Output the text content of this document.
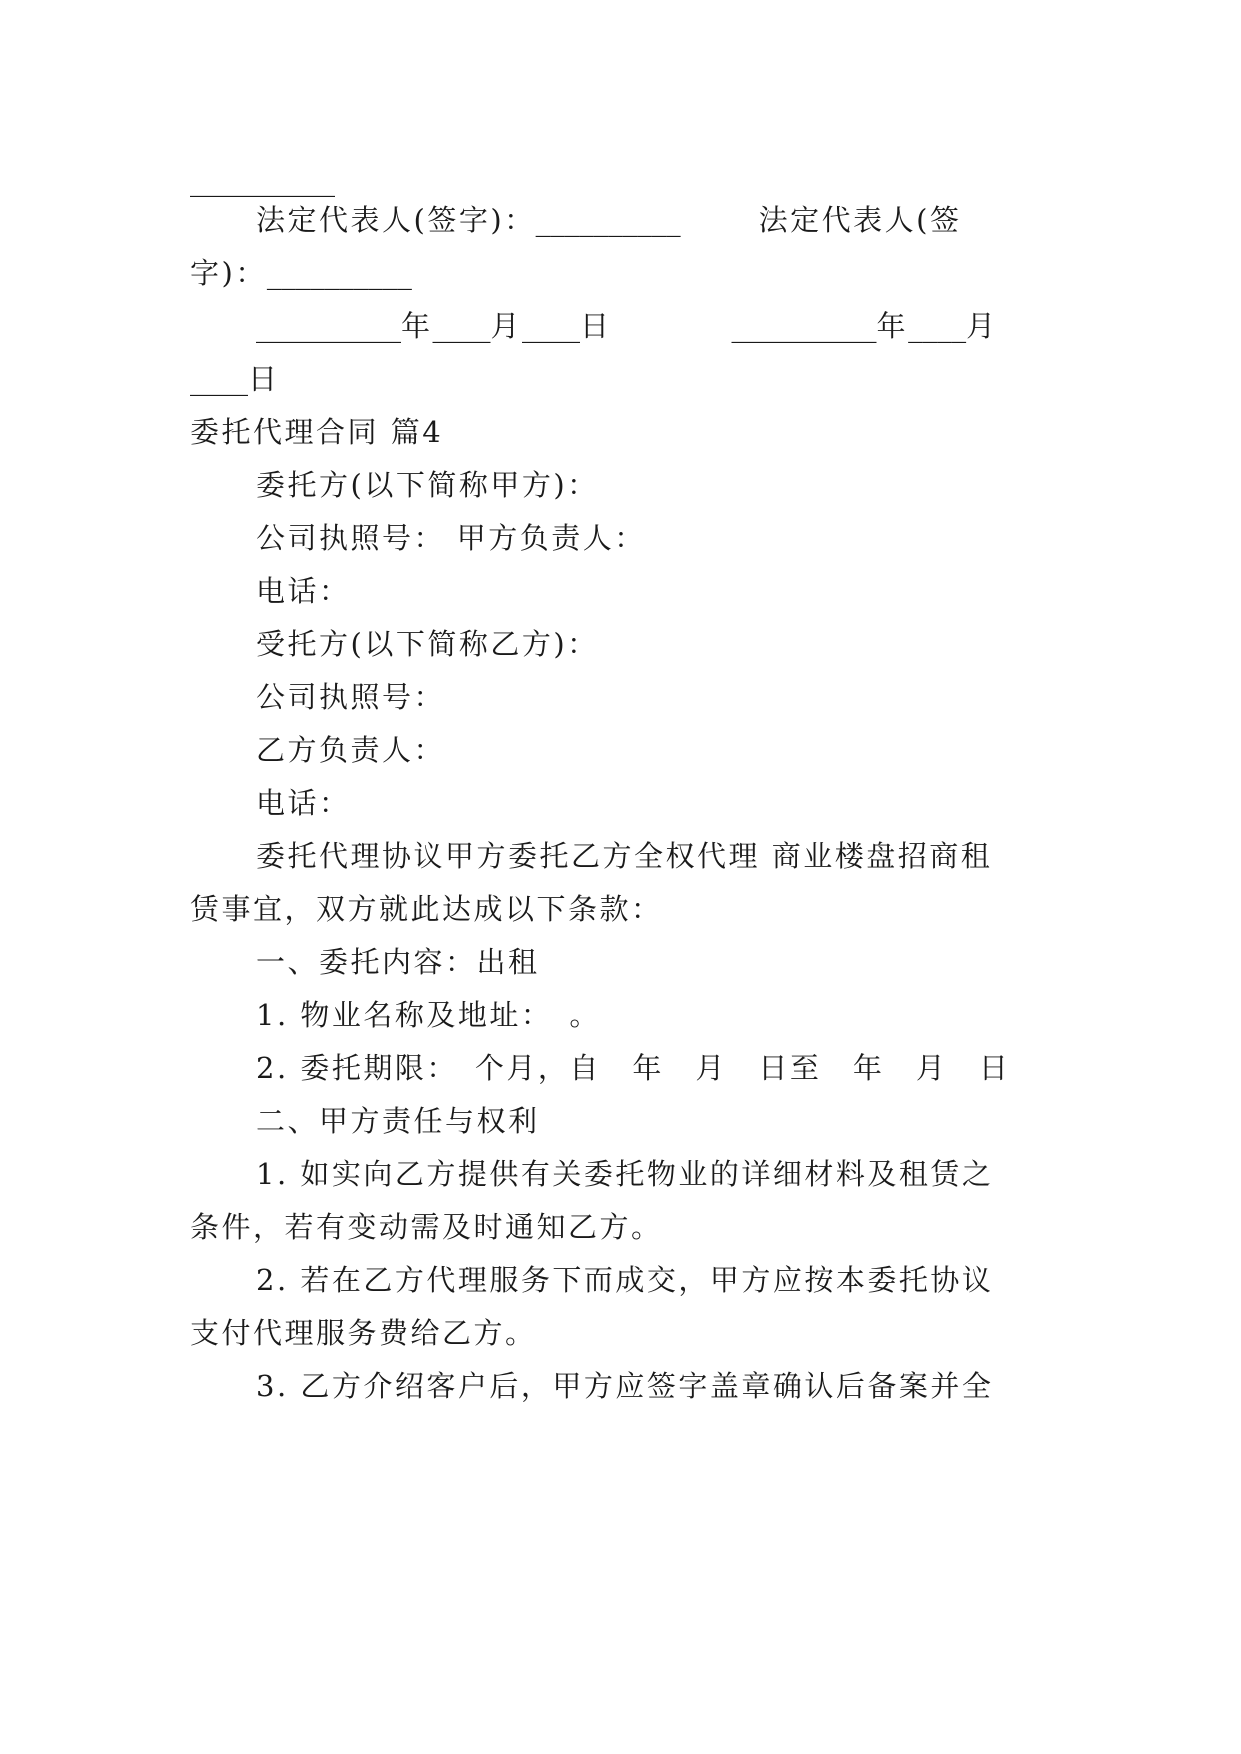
__________
法定代表人(签字)：__________	法定代表人(签
字)：__________
__________年____月____日	__________年____月
____日
委托代理合同 篇4
委托方(以下简称甲方)：
公司执照号： 甲方负责人：
电话：
受托方(以下简称乙方)：
公司执照号：
乙方负责人：
电话：
委托代理协议甲方委托乙方全权代理 商业楼盘招商租
赁事宜，双方就此达成以下条款：
一、委托内容：出租
1. 物业名称及地址：　。
2. 委托期限：　个月，自　年　月　日至　年　月　日
二、甲方责任与权利
1. 如实向乙方提供有关委托物业的详细材料及租赁之
条件，若有变动需及时通知乙方。
2. 若在乙方代理服务下而成交，甲方应按本委托协议
支付代理服务费给乙方。
3. 乙方介绍客户后，甲方应签字盖章确认后备案并全
